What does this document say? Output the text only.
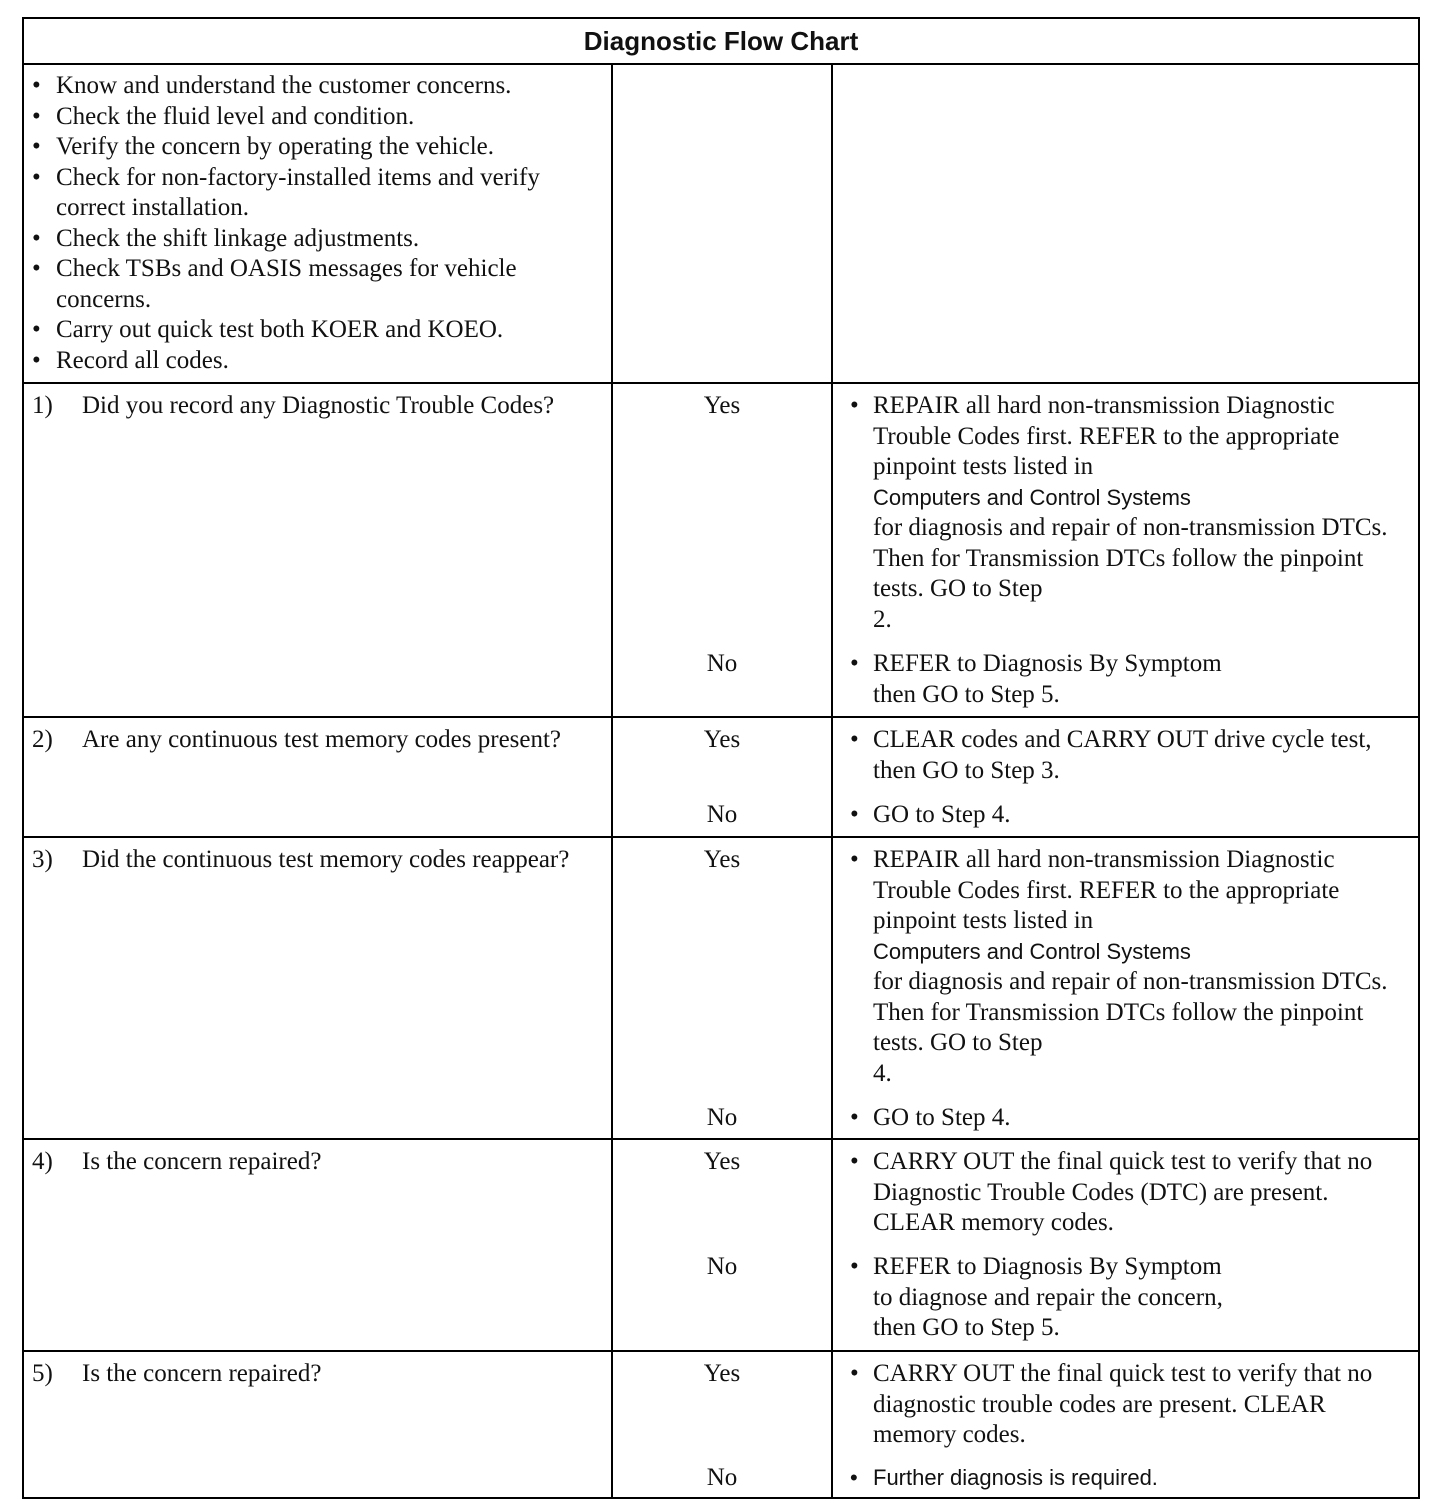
Diagnostic Flow Chart
• Know and understand the customer concerns.
• Check the fluid level and condition.
• Verify the concern by operating the vehicle.
• Check for non-factory-installed items and verify correct installation.
• Check the shift linkage adjustments.
• Check TSBs and OASIS messages for vehicle concerns.
• Carry out quick test both KOER and KOEO.
• Record all codes.
1) Did you record any Diagnostic Trouble Codes?	Yes	• REPAIR all hard non-transmission Diagnostic Trouble Codes first. REFER to the appropriate pinpoint tests listed in
Computers and Control Systems
for diagnosis and repair of non-transmission DTCs. Then for Transmission DTCs follow the pinpoint tests. GO to Step
2.
No	• REFER to Diagnosis By Symptom
then GO to Step 5.
2) Are any continuous test memory codes present?	Yes	• CLEAR codes and CARRY OUT drive cycle test, then GO to Step 3.
No	• GO to Step 4.
3) Did the continuous test memory codes reappear?	Yes	• REPAIR all hard non-transmission Diagnostic Trouble Codes first. REFER to the appropriate pinpoint tests listed in
Computers and Control Systems
for diagnosis and repair of non-transmission DTCs. Then for Transmission DTCs follow the pinpoint tests. GO to Step
4.
No	• GO to Step 4.
4) Is the concern repaired?	Yes	• CARRY OUT the final quick test to verify that no Diagnostic Trouble Codes (DTC) are present. CLEAR memory codes.
No	• REFER to Diagnosis By Symptom
to diagnose and repair the concern,
then GO to Step 5.
5) Is the concern repaired?	Yes	• CARRY OUT the final quick test to verify that no diagnostic trouble codes are present. CLEAR memory codes.
No	• Further diagnosis is required.
